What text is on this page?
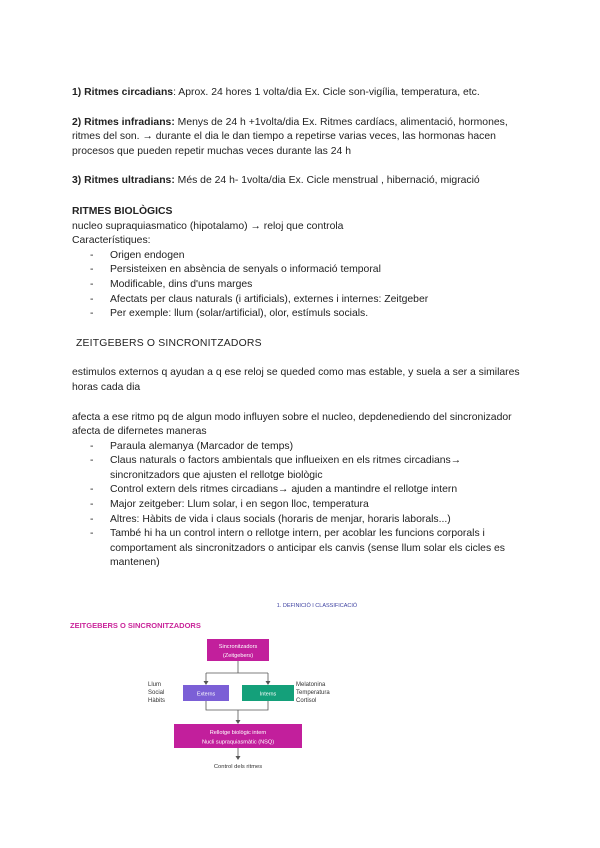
1) Ritmes circadians: Aprox. 24 hores 1 volta/dia Ex. Cicle son-vigília, temperatura, etc.

2) Ritmes infradians: Menys de 24 h +1volta/dia Ex. Ritmes cardíacs, alimentació, hormones, ritmes del son. → durante el dia le dan tiempo a repetirse varias veces, las hormonas hacen procesos que pueden repetir muchas veces durante las 24 h

3) Ritmes ultradians: Més de 24 h- 1volta/dia Ex. Cicle menstrual , hibernació, migració

RITMES BIOLÒGICS

nucleo supraquiasmatico (hipotalamo) → reloj que controla

Característiques:

- Origen endogen
- Persisteixen en absència de senyals o informació temporal
- Modificable, dins d'uns marges
- Afectats per claus naturals (i artificials), externes i internes: Zeitgeber
- Per exemple: llum (solar/artificial), olor, estímuls socials.

ZEITGEBERS O SINCRONITZADORS

estimulos externos q ayudan a q ese reloj se queded como mas estable, y suela a ser a similares horas cada dia

afecta a ese ritmo pq de algun modo influyen sobre el nucleo, depdenediendo del sincronizador afecta de difernetes maneras

- Paraula alemanya (Marcador de temps)
- Claus naturals o factors ambientals que influeixen en els ritmes circadians→ sincronitzadors que ajusten el rellotge biològic
- Control extern dels ritmes circadians→ ajuden a mantindre el rellotge intern
- Major zeitgeber: Llum solar, i en segon lloc, temperatura
- Altres: Hàbits de vida i claus socials (horaris de menjar, horaris laborals...)
- També hi ha un control intern o rellotge intern, per acoblar les funcions corporals i comportament als sincronitzadors o anticipar els canvis (sense llum solar els cicles es mantenen)
1. DEFINICIÓ I CLASSIFICACIÓ
ZEITGEBERS O SINCRONITZADORS
Sincronitzadors
(Zeitgebers)
Externs	Interns
Llum
Social
Hàbits
Melatonina
Temperatura
Cortisol
Rellotge biològic intern
Nucli supraquiasmàtic (NSQ)
Control dels ritmes
